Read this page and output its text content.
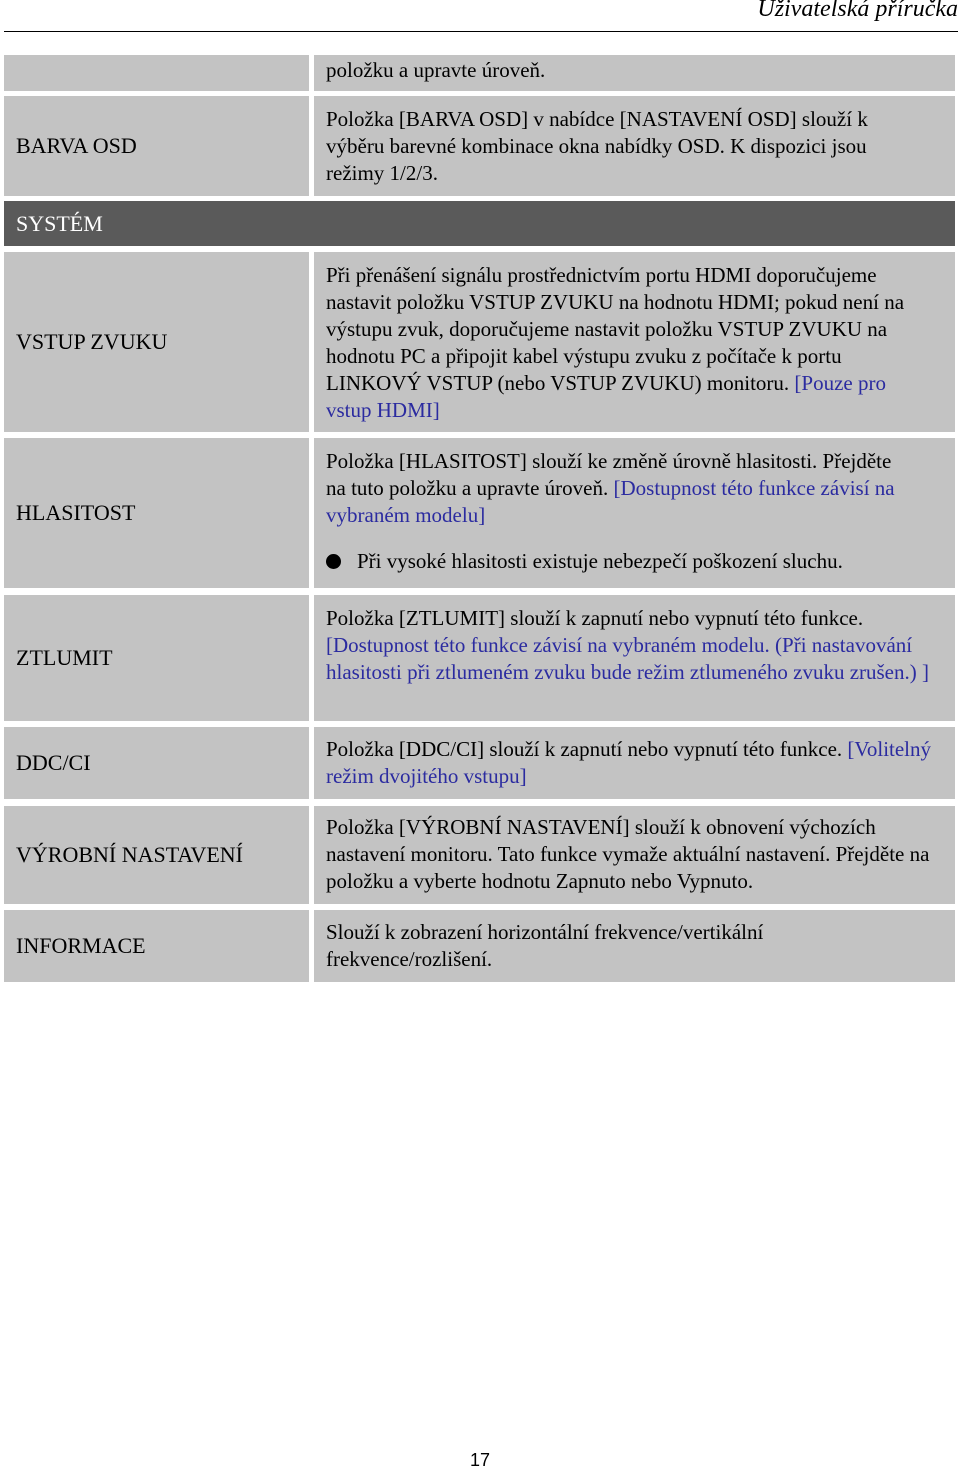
Uživatelská příručka

položku a upravte úroveň.

BARVA OSD

Položka [BARVA OSD] v nabídce [NASTAVENÍ OSD] slouží k výběru barevné kombinace okna nabídky OSD. K dispozici jsou režimy 1/2/3.

SYSTÉM
VSTUP ZVUKU

Při přenášení signálu prostřednictvím portu HDMI doporučujeme nastavit položku VSTUP ZVUKU na hodnotu HDMI; pokud není na výstupu zvuk, doporučujeme nastavit položku VSTUP ZVUKU na hodnotu PC a připojit kabel výstupu zvuku z počítače k portu LINKOVÝ VSTUP (nebo VSTUP ZVUKU) monitoru. [Pouze pro vstup HDMI]

HLASITOST

Položka [HLASITOST] slouží ke změně úrovně hlasitosti. Přejděte na tuto položku a upravte úroveň. [Dostupnost této funkce závisí na vybraném modelu]

Při vysoké hlasitosti existuje nebezpečí poškození sluchu.

ZTLUMIT

Položka [ZTLUMIT] slouží k zapnutí nebo vypnutí této funkce. [Dostupnost této funkce závisí na vybraném modelu. (Při nastavování hlasitosti při ztlumeném zvuku bude režim ztlumeného zvuku zrušen.) ]

DDC/CI

Položka [DDC/CI] slouží k zapnutí nebo vypnutí této funkce. [Volitelný režim dvojitého vstupu]

VÝROBNÍ NASTAVENÍ

Položka [VÝROBNÍ NASTAVENÍ] slouží k obnovení výchozích nastavení monitoru. Tato funkce vymaže aktuální nastavení. Přejděte na položku a vyberte hodnotu Zapnuto nebo Vypnuto.

INFORMACE

Slouží k zobrazení horizontální frekvence/vertikální frekvence/rozlišení.

17
